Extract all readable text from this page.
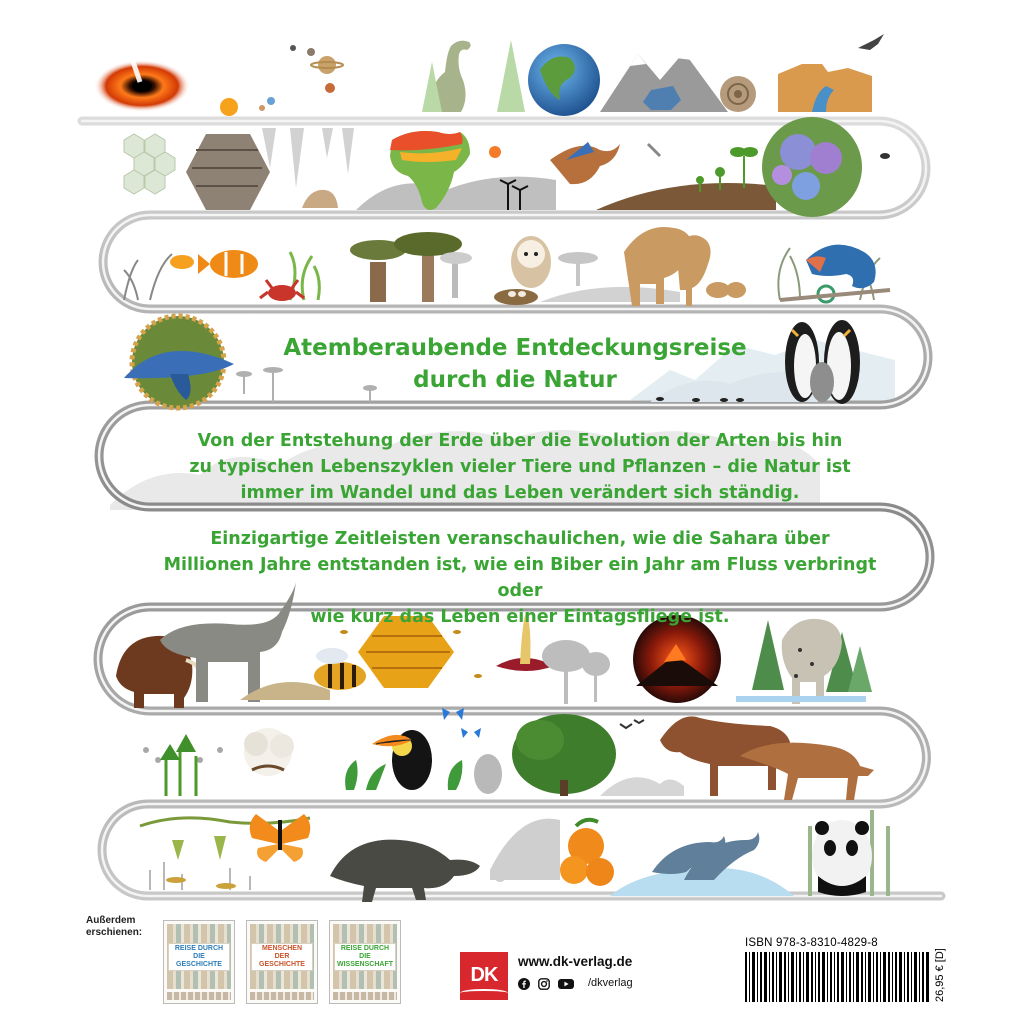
Atemberaubende Entdeckungsreise
durch die Natur
Von der Entstehung der Erde über die Evolution der Arten bis hin
zu typischen Lebenszyklen vieler Tiere und Pflanzen – die Natur ist
immer im Wandel und das Leben verändert sich ständig.
Einzigartige Zeitleisten veranschaulichen, wie die Sahara über
Millionen Jahre entstanden ist, wie ein Biber ein Jahr am Fluss verbringt oder
wie kurz das Leben einer Eintagsfliege ist.
Außerdem
erschienen:
REISE DURCH
DIE
GESCHICHTE
MENSCHEN
DER
GESCHICHTE
REISE DURCH
DIE
WISSENSCHAFT	DK
www.dk-verlag.de
/dkverlag
ISBN 978-3-8310-4829-8
26,95 € [D]
